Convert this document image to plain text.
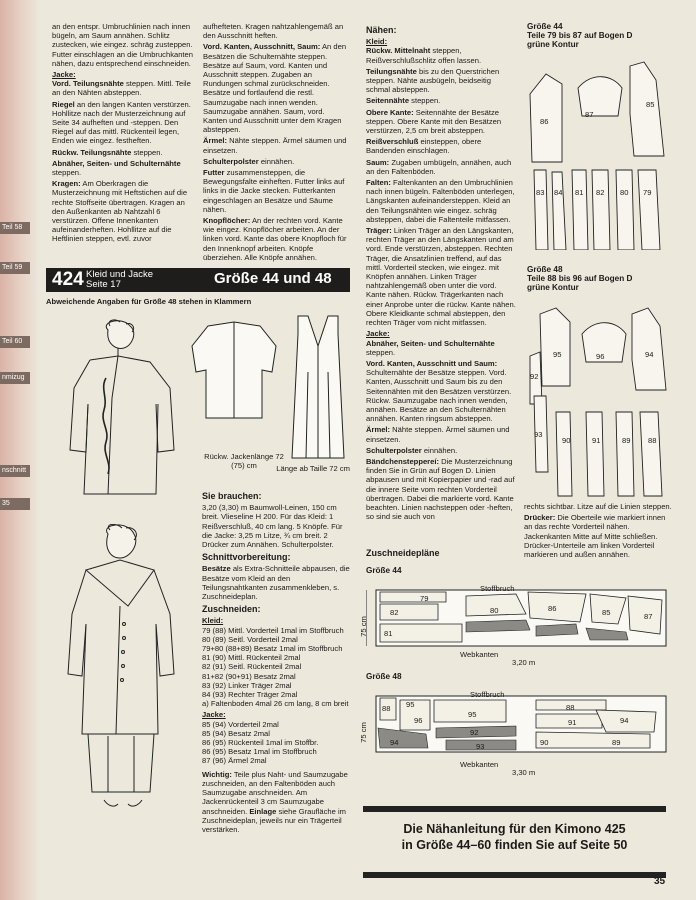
Teil 58
Teil 59
Teil 60
nmizug
nschnitt
35

an den entspr. Umbruchlinien nach innen bügeln, am Saum annähen. Schlitz zustecken, wie eingez. schräg zusteppen. Futter einschlagen an die Umbruchkanten nähen, dazu entsprechend einschneiden.

Jacke:

Vord. Teilungsnähte steppen. Mittl. Teile an den Nähten absteppen.

Riegel an den langen Kanten verstürzen. Hohllitze nach der Musterzeichnung auf Seite 34 aufheften und -steppen. Den Riegel auf das mittl. Rückenteil legen, Enden wie eingez. festheften.

Rückw. Teilungsnähte steppen.

Abnäher, Seiten- und Schulternähte steppen.

Kragen: Am Oberkragen die Musterzeichnung mit Heftstichen auf die rechte Stoffseite übertragen. Kragen an den Außenkanten ab Nahtzahl 6 verstürzen. Offene Innenkanten aufeinanderheften. Hohllitze auf die Heftlinien steppen, evtl. zuvor

aufhefteten. Kragen nahtzahlengemäß an den Ausschnitt heften.

Vord. Kanten, Ausschnitt, Saum: An den Besätzen die Schulternähte steppen. Besätze auf Saum, vord. Kanten und Ausschnitt steppen. Zugaben an Rundungen schmal zurückschneiden. Besätze und fortlaufend die restl. Saumzugabe nach innen wenden. Saumzugabe annähen. Saum, vord. Kanten und Ausschnitt unter dem Kragen absteppen.

Ärmel: Nähte steppen. Ärmel säumen und einsetzen.

Schulterpolster einnähen.

Futter zusammensteppen, die Bewegungsfalte einheften. Futter links auf links in die Jacke stecken. Futterkanten eingeschlagen an Besätze und Säume nähen.

Knopflöcher: An der rechten vord. Kante wie eingez. Knopflöcher arbeiten. An der linken vord. Kante das obere Knopfloch für den Innenknopf arbeiten. Knöpfe überziehen. Alle Knöpfe annähen.

424 Kleid und Jacke
Seite 17	Größe 44 und 48
Abweichende Angaben für Größe 48 stehen in Klammern
Rückw. Jackenlänge 72 (75) cm	Länge ab Taille 72 cm
Sie brauchen:

3,20 (3,30) m Baumwoll-Leinen, 150 cm breit. Vlieseline H 200. Für das Kleid: 1 Reißverschluß, 40 cm lang. 5 Knöpfe. Für die Jacke: 3,25 m Litze, ¾ cm breit. 2 Drücker zum Annähen. Schulterpolster.

Schnittvorbereitung:

Besätze als Extra-Schnitteile abpausen, die Besätze vom Kleid an den Teilungsnahtkanten zusammenkleben, s. Zuschneideplan.

Zuschneiden:
Kleid:
79 (88) Mittl. Vorderteil 1mal im Stoffbruch
80 (89) Seitl. Vorderteil 2mal
79+80 (88+89) Besatz 1mal im Stoffbruch
81 (90) Mittl. Rückenteil 2mal
82 (91) Seitl. Rückenteil 2mal
81+82 (90+91) Besatz 2mal
83 (92) Linker Träger 2mal
84 (93) Rechter Träger 2mal
a) Faltenboden 4mal 26 cm lang, 8 cm breit
Jacke:
85 (94) Vorderteil 2mal
85 (94) Besatz 2mal
86 (95) Rückenteil 1mal im Stoffbr.
86 (95) Besatz 1mal im Stoffbruch
87 (96) Ärmel 2mal

Wichtig: Teile plus Naht- und Saumzugabe zuschneiden, an den Faltenböden auch Saumzugabe anschneiden. Am Jackenrückenteil 3 cm Saumzugabe anschneiden. Einlage siehe Graufläche im Zuschneideplan, jeweils nur ein Trägerteil verstärken.

Nähen:
Kleid:

Rückw. Mittelnaht steppen, Reißverschlußschlitz offen lassen.

Teilungsnähte bis zu den Querstrichen steppen. Nähte ausbügeln, beidseitig schmal absteppen.

Seitennähte steppen.

Obere Kante: Seitennähte der Besätze steppen. Obere Kante mit den Besätzen verstürzen, 2,5 cm breit absteppen.

Reißverschluß einsteppen, obere Bandenden einschlagen.

Saum: Zugaben umbügeln, annähen, auch an den Faltenböden.

Falten: Faltenkanten an den Umbruchlinien nach innen bügeln. Faltenböden unterlegen, Längskanten aufeinandersteppen. Kleid an den Teilungsnähten wie eingez. schräg absteppen, dabei die Faltenteile mitfassen.

Träger: Linken Träger an den Längskanten, rechten Träger an den Längskanten und am vord. Ende verstürzen, absteppen. Rechten Träger, die Ansatzlinien treffend, auf das mittl. Vorderteil stecken, wie eingez. mit Knöpfen annähen. Linken Träger nahtzahlengemäß oben unter die vord. Kante nähen. Rückw. Trägerkanten nach einer Anprobe unter die rückw. Kante nähen. Obere Kleidkante schmal absteppen, den rechten Träger vom nicht mitfassen.

Jacke:

Abnäher, Seiten- und Schulternähte steppen.

Vord. Kanten, Ausschnitt und Saum: Schulternähte der Besätze steppen. Vord. Kanten, Ausschnitt und Saum bis zu den Seitennähten mit den Besätzen verstürzen. Rückw. Saumzugabe nach innen wenden, annähen. Besätze an den Schulternähten annähen. Kanten ringsum absteppen.

Ärmel: Nähte steppen. Ärmel säumen und einsetzen.

Schulterpolster einnähen.

Bändchensteppereí: Die Musterzeichnung finden Sie in Grün auf Bogen D. Linien abpausen und mit Kopierpapier und -rad auf die innere Seite vom rechten Vorderteil übertragen. Dabei die markierte vord. Kante beachten. Linien nachsteppen oder -heften, so sind sie auch von

Größe 44
Teile 79 bis 87 auf Bogen D
grüne Kontur
86
87
85
83 84 81 82 80 79
Größe 48
Teile 88 bis 96 auf Bogen D
grüne Kontur
95	96	94
92
93
90	91	89 88

rechts sichtbar. Litze auf die Linien steppen.

Drücker: Die Oberteile wie markiert innen an das rechte Vorderteil nähen. Jackenkanten Mitte auf Mitte schließen. Drücker-Unterteile am linken Vorderteil markieren und außen annähen.

Zuschneidepläne
Größe 44
Stoffbruch
75 cm
Webkanten
3,20 m
79
82
81
80	86	85	87
Größe 48
Stoffbruch
75 cm
Webkanten
3,30 m
88 95
96
95
94
92
93
88
91	94
90	89
Die Nähanleitung für den Kimono 425
in Größe 44–60 finden Sie auf Seite 50
35
